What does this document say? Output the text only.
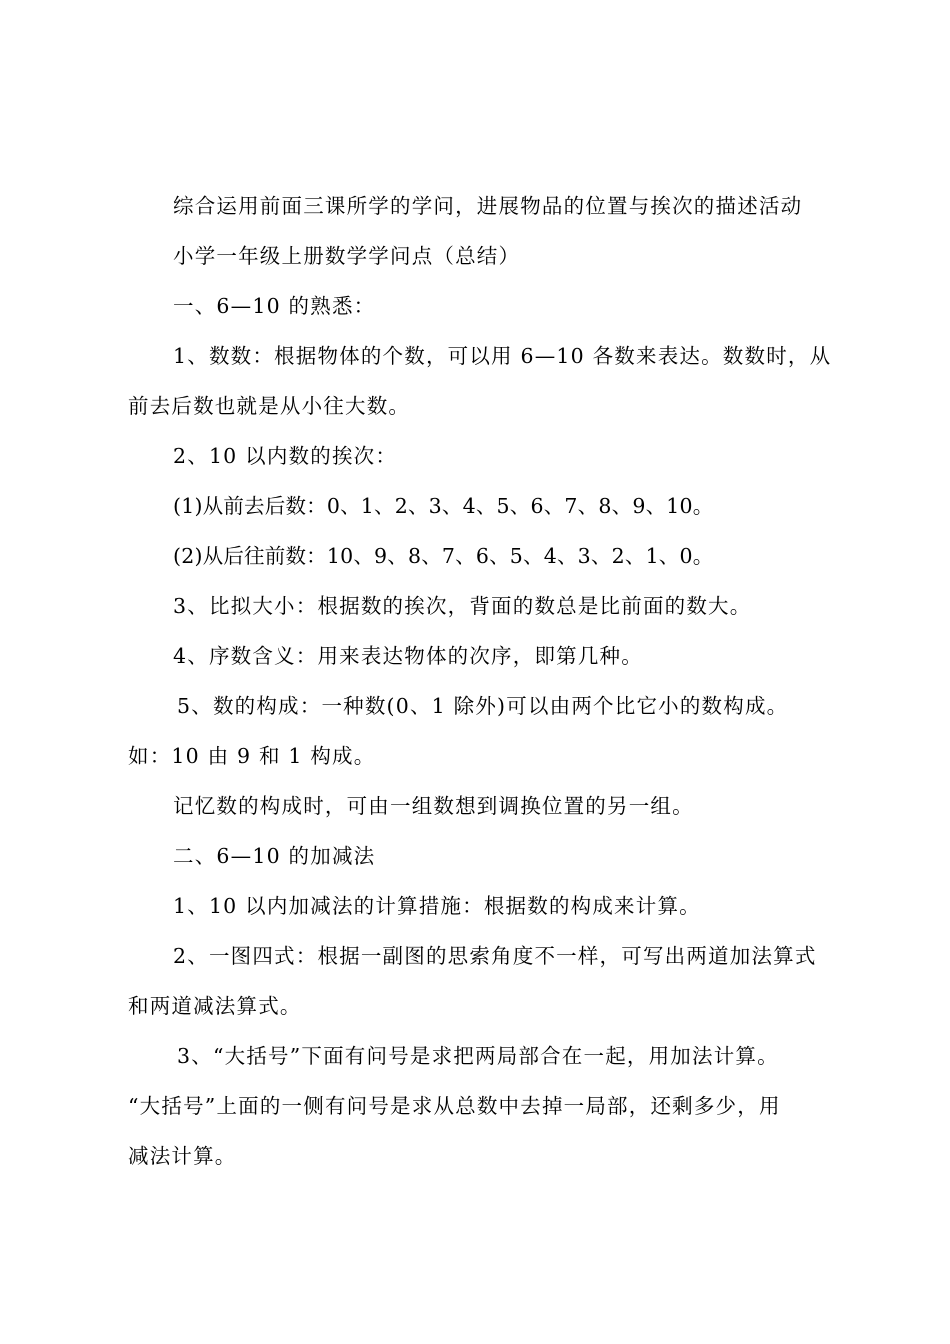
综合运用前面三课所学的学问，进展物品的位置与挨次的描述活动
小学一年级上册数学学问点（总结）
一、6—10 的熟悉：
1、数数：根据物体的个数，可以用 6—10 各数来表达。数数时，从
前去后数也就是从小往大数。
2、10 以内数的挨次：
(1)从前去后数：0、1、2、3、4、5、6、7、8、9、10。
(2)从后往前数：10、9、8、7、6、5、4、3、2、1、0。
3、比拟大小：根据数的挨次，背面的数总是比前面的数大。
4、序数含义：用来表达物体的次序，即第几种。
5、数的构成：一种数(0、1 除外)可以由两个比它小的数构成。
如：10 由 9 和 1 构成。
记忆数的构成时，可由一组数想到调换位置的另一组。
二、6—10 的加减法
1、10 以内加减法的计算措施：根据数的构成来计算。
2、一图四式：根据一副图的思索角度不一样，可写出两道加法算式
和两道减法算式。
3、“大括号”下面有问号是求把两局部合在一起，用加法计算。
“大括号”上面的一侧有问号是求从总数中去掉一局部，还剩多少，用
减法计算。
